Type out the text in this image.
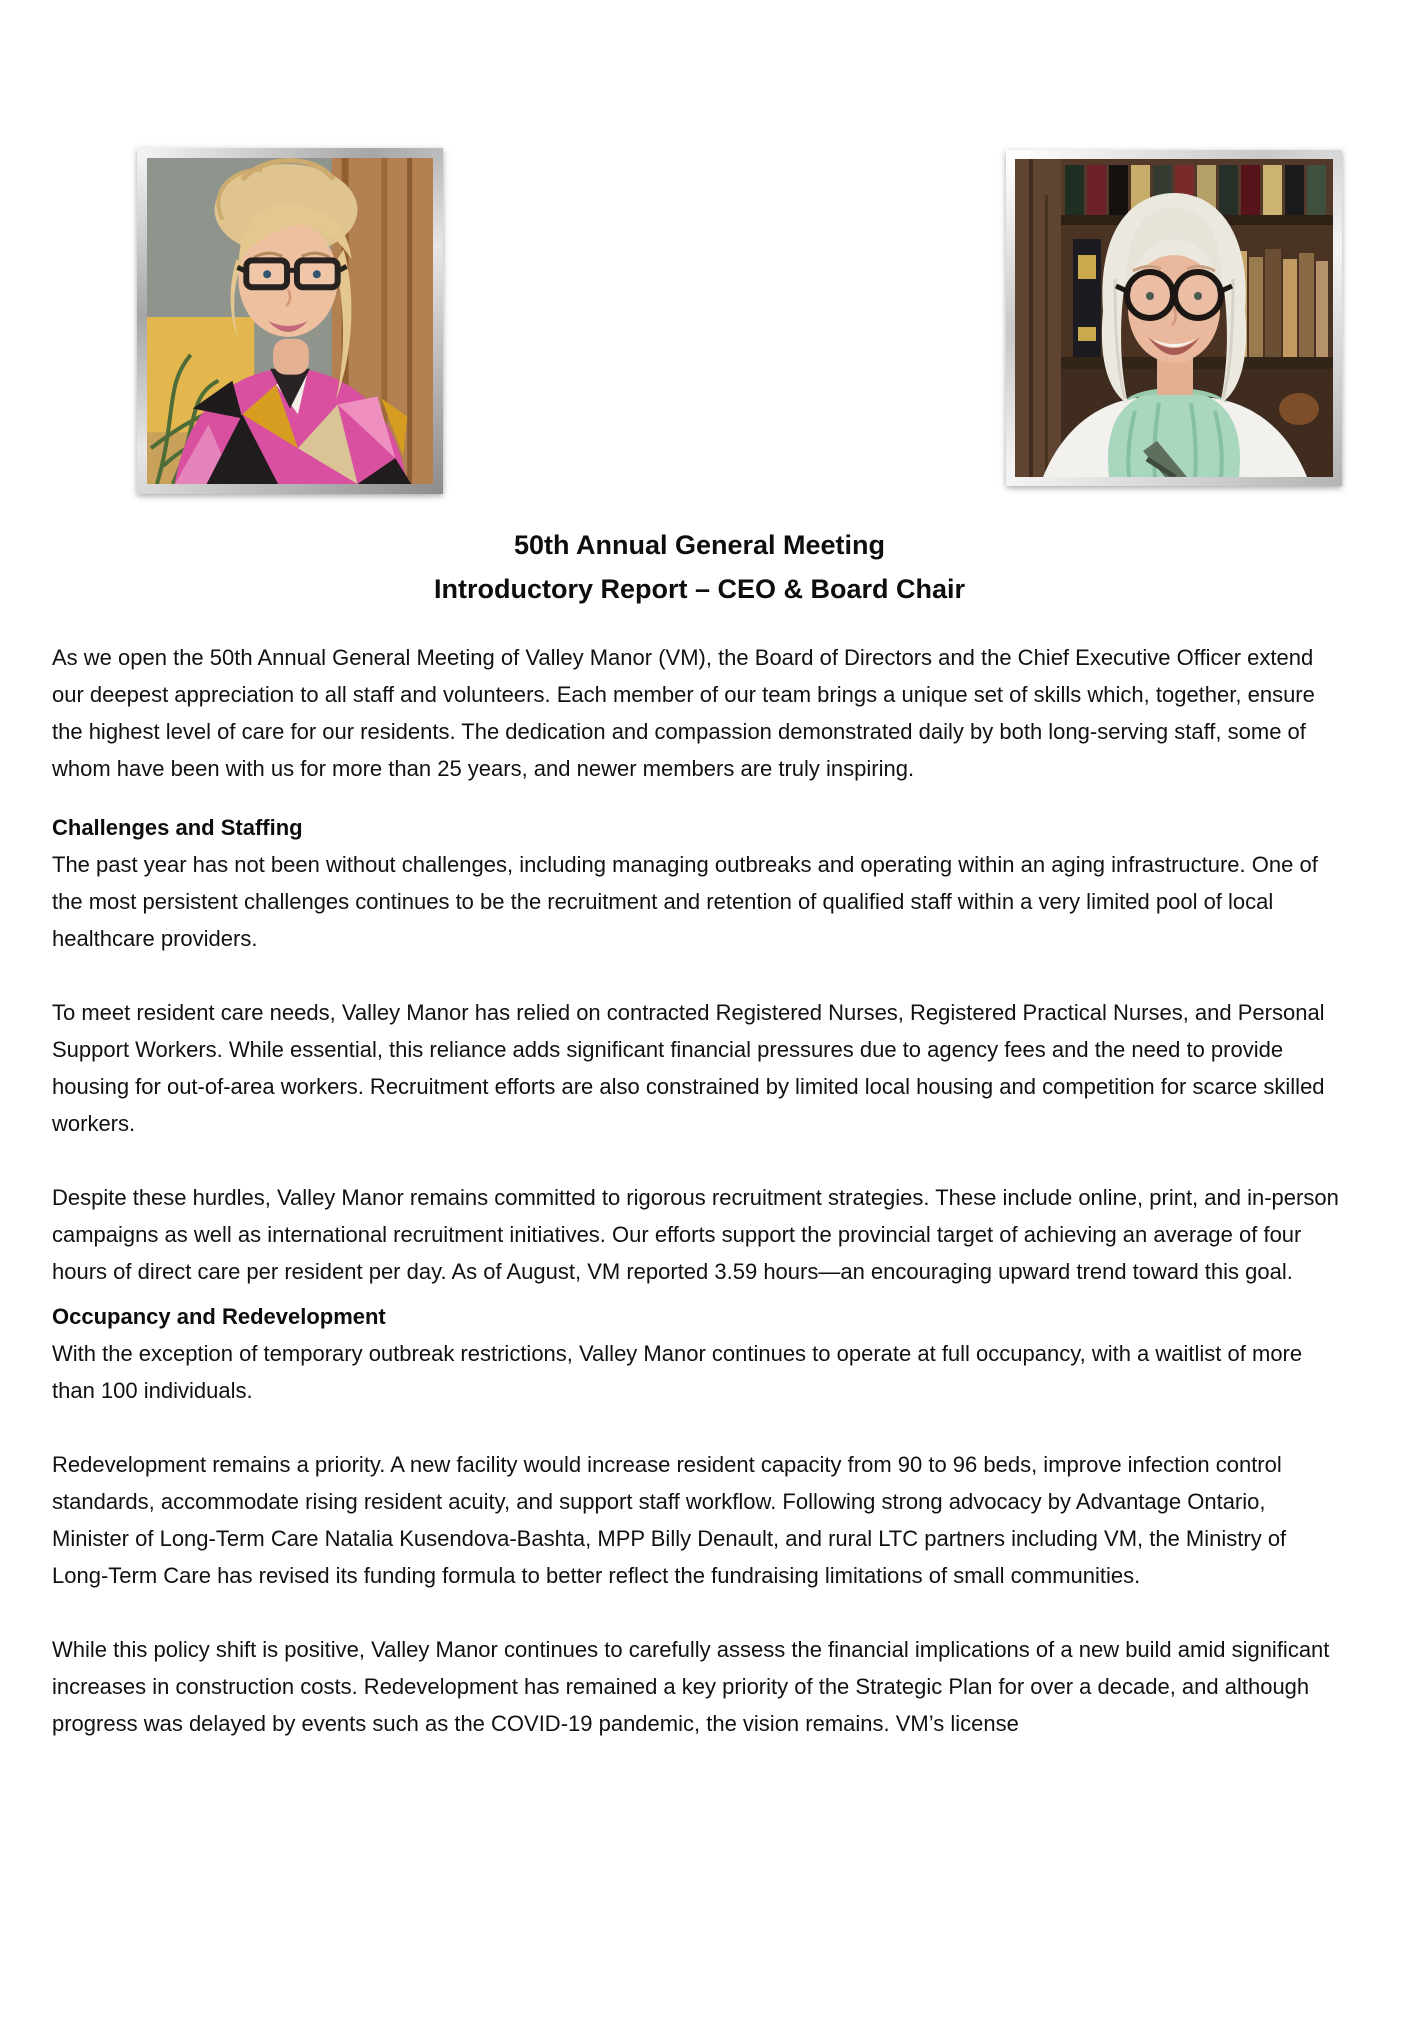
50th Annual General Meeting
Introductory Report – CEO & Board Chair

As we open the 50th Annual General Meeting of Valley Manor (VM), the Board of Directors and the Chief Executive Officer extend our deepest appreciation to all staff and volunteers. Each member of our team brings a unique set of skills which, together, ensure the highest level of care for our residents. The dedication and compassion demonstrated daily by both long-serving staff, some of whom have been with us for more than 25 years, and newer members are truly inspiring.

Challenges and Staffing

The past year has not been without challenges, including managing outbreaks and operating within an aging infrastructure. One of the most persistent challenges continues to be the recruitment and retention of qualified staff within a very limited pool of local healthcare providers.

To meet resident care needs, Valley Manor has relied on contracted Registered Nurses, Registered Practical Nurses, and Personal Support Workers. While essential, this reliance adds significant financial pressures due to agency fees and the need to provide housing for out-of-area workers. Recruitment efforts are also constrained by limited local housing and competition for scarce skilled workers.

Despite these hurdles, Valley Manor remains committed to rigorous recruitment strategies. These include online, print, and in-person campaigns as well as international recruitment initiatives. Our efforts support the provincial target of achieving an average of four hours of direct care per resident per day. As of August, VM reported 3.59 hours—an encouraging upward trend toward this goal.

Occupancy and Redevelopment

With the exception of temporary outbreak restrictions, Valley Manor continues to operate at full occupancy, with a waitlist of more than 100 individuals.

Redevelopment remains a priority. A new facility would increase resident capacity from 90 to 96 beds, improve infection control standards, accommodate rising resident acuity, and support staff workflow. Following strong advocacy by Advantage Ontario, Minister of Long-Term Care Natalia Kusendova-Bashta, MPP Billy Denault, and rural LTC partners including VM, the Ministry of Long-Term Care has revised its funding formula to better reflect the fundraising limitations of small communities.

While this policy shift is positive, Valley Manor continues to carefully assess the financial implications of a new build amid significant increases in construction costs. Redevelopment has remained a key priority of the Strategic Plan for over a decade, and although progress was delayed by events such as the COVID-19 pandemic, the vision remains. VM’s license
